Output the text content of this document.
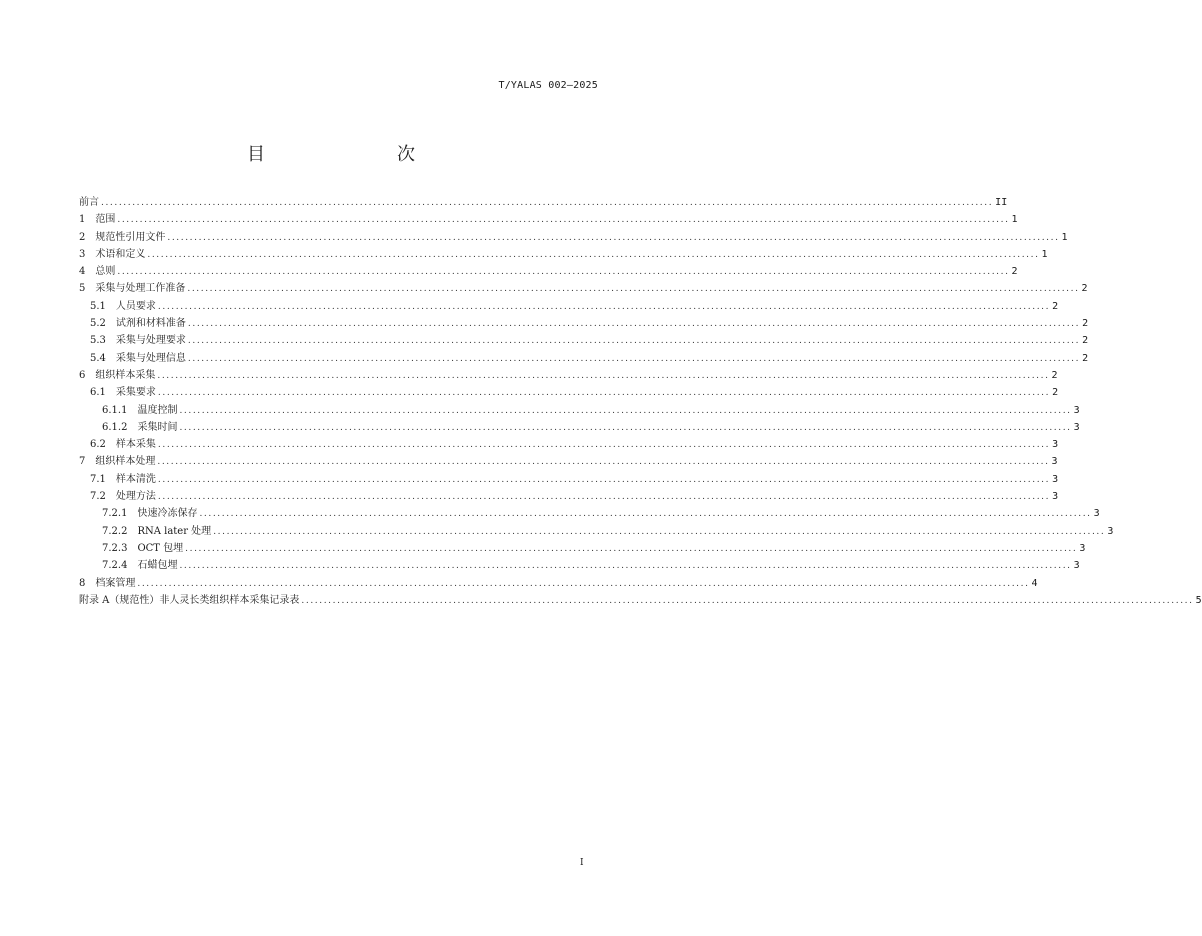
T/YALAS 002—2025
目　　次
前言 ........................................................................................................................................................................................................ II
1　范围 ........................................................................................................................................................................................................ 1
2　规范性引用文件 ........................................................................................................................................................................................................ 1
3　术语和定义 ........................................................................................................................................................................................................ 1
4　总则 ........................................................................................................................................................................................................ 2
5　采集与处理工作准备 ........................................................................................................................................................................................................ 2
5.1　人员要求 ........................................................................................................................................................................................................ 2
5.2　试剂和材料准备 ........................................................................................................................................................................................................ 2
5.3　采集与处理要求 ........................................................................................................................................................................................................ 2
5.4　采集与处理信息 ........................................................................................................................................................................................................ 2
6　组织样本采集 ........................................................................................................................................................................................................ 2
6.1　采集要求 ........................................................................................................................................................................................................ 2
6.1.1　温度控制 ........................................................................................................................................................................................................ 3
6.1.2　采集时间 ........................................................................................................................................................................................................ 3
6.2　样本采集 ........................................................................................................................................................................................................ 3
7　组织样本处理 ........................................................................................................................................................................................................ 3
7.1　样本清洗 ........................................................................................................................................................................................................ 3
7.2　处理方法 ........................................................................................................................................................................................................ 3
7.2.1　快速冷冻保存 ........................................................................................................................................................................................................ 3
7.2.2　RNA later 处理 ........................................................................................................................................................................................................ 3
7.2.3　OCT 包埋 ........................................................................................................................................................................................................ 3
7.2.4　石蜡包埋 ........................................................................................................................................................................................................ 3
8　档案管理 ........................................................................................................................................................................................................ 4
附录 A（规范性）非人灵长类组织样本采集记录表 ........................................................................................................................................................................................................ 5
I
